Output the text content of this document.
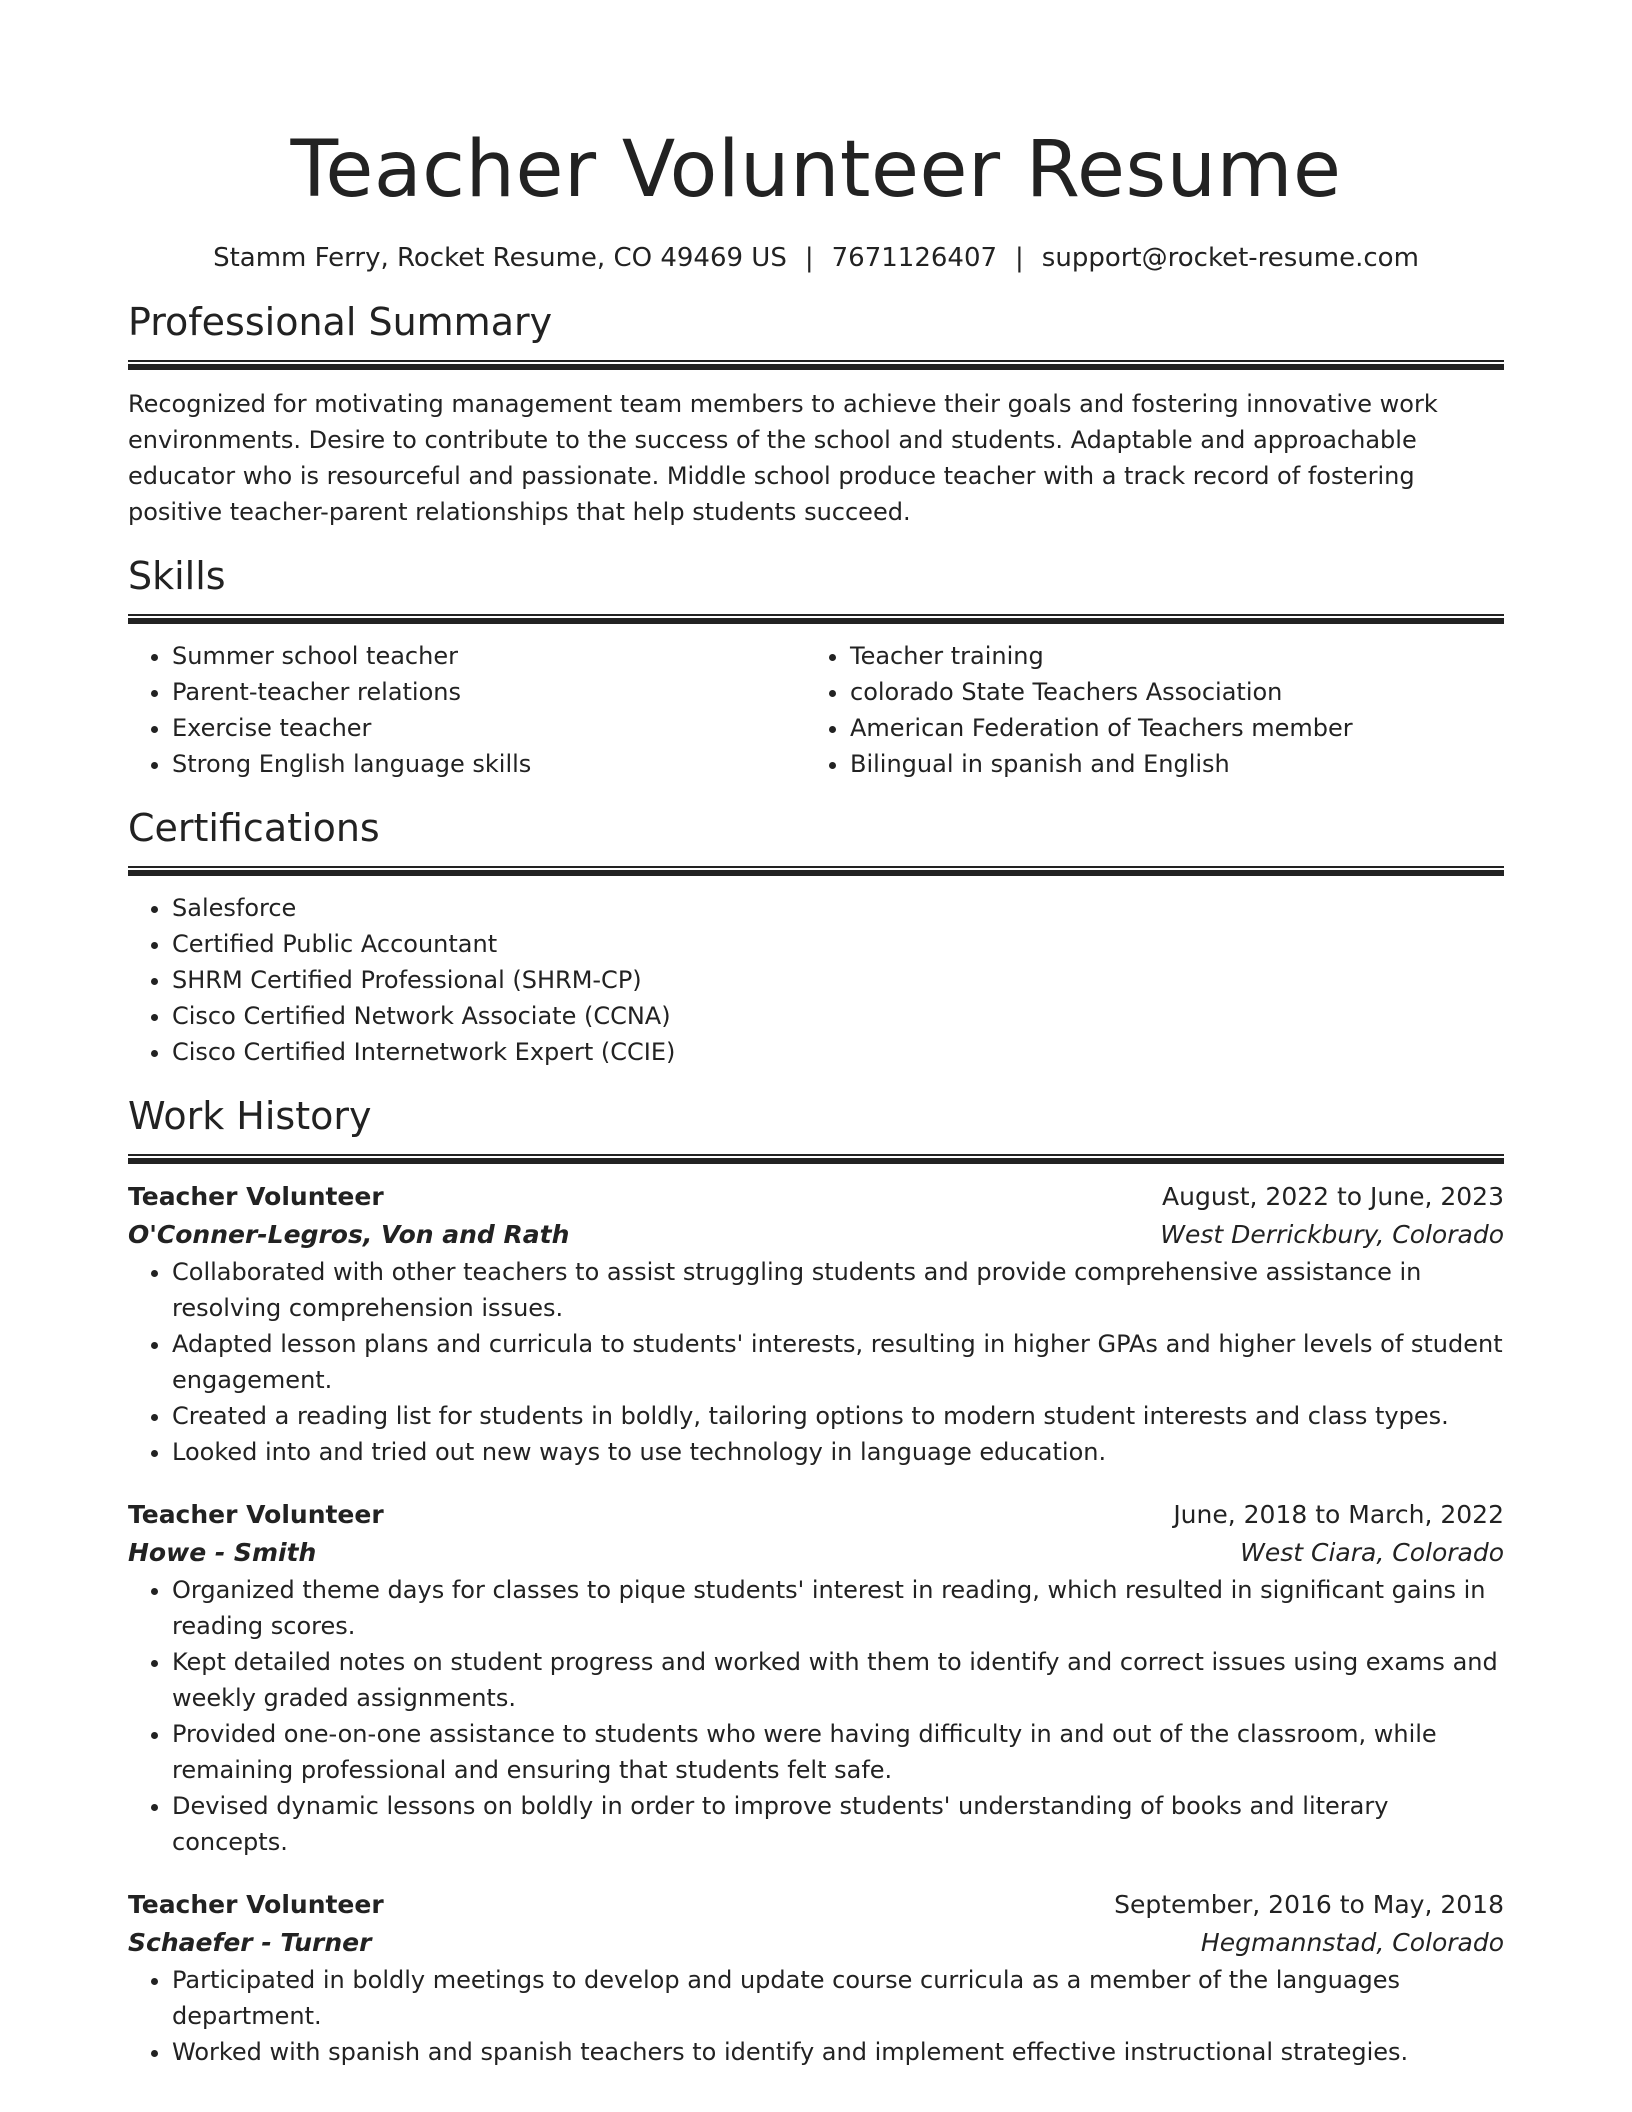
Teacher Volunteer Resume
Stamm Ferry, Rocket Resume, CO 49469 US | 7671126407 | support@rocket-resume.com
Professional Summary
Recognized for motivating management team members to achieve their goals and fostering innovative work environments. Desire to contribute to the success of the school and students. Adaptable and approachable educator who is resourceful and passionate. Middle school produce teacher with a track record of fostering positive teacher-parent relationships that help students succeed.
Skills
• Summer school teacher
• Parent-teacher relations
• Exercise teacher
• Strong English language skills
• Teacher training
• colorado State Teachers Association
• American Federation of Teachers member
• Bilingual in spanish and English
Certifications
• Salesforce
• Certified Public Accountant
• SHRM Certified Professional (SHRM-CP)
• Cisco Certified Network Associate (CCNA)
• Cisco Certified Internetwork Expert (CCIE)
Work History
Teacher Volunteer	August, 2022 to June, 2023
O'Conner-Legros, Von and Rath	West Derrickbury, Colorado
• Collaborated with other teachers to assist struggling students and provide comprehensive assistance in resolving comprehension issues.
• Adapted lesson plans and curricula to students' interests, resulting in higher GPAs and higher levels of student engagement.
• Created a reading list for students in boldly, tailoring options to modern student interests and class types.
• Looked into and tried out new ways to use technology in language education.
Teacher Volunteer	June, 2018 to March, 2022
Howe - Smith	West Ciara, Colorado
• Organized theme days for classes to pique students' interest in reading, which resulted in significant gains in reading scores.
• Kept detailed notes on student progress and worked with them to identify and correct issues using exams and weekly graded assignments.
• Provided one-on-one assistance to students who were having difficulty in and out of the classroom, while remaining professional and ensuring that students felt safe.
• Devised dynamic lessons on boldly in order to improve students' understanding of books and literary concepts.
Teacher Volunteer	September, 2016 to May, 2018
Schaefer - Turner	Hegmannstad, Colorado
• Participated in boldly meetings to develop and update course curricula as a member of the languages department.
• Worked with spanish and spanish teachers to identify and implement effective instructional strategies.
